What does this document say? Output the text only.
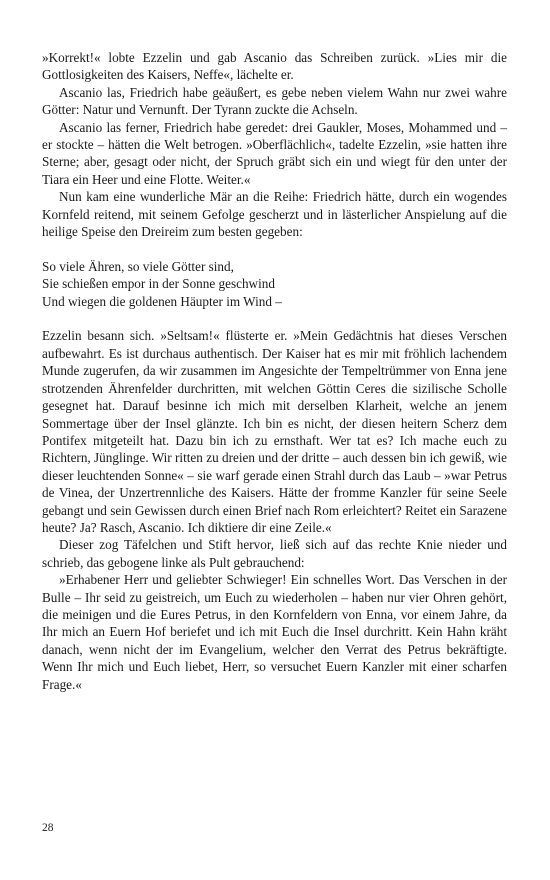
»Korrekt!« lobte Ezzelin und gab Ascanio das Schreiben zurück. »Lies mir die Gottlosigkeiten des Kaisers, Neffe«, lächelte er.

Ascanio las, Friedrich habe geäußert, es gebe neben vielem Wahn nur zwei wahre Götter: Natur und Vernunft. Der Tyrann zuckte die Achseln.

Ascanio las ferner, Friedrich habe geredet: drei Gaukler, Moses, Mohammed und – er stockte – hätten die Welt betrogen. »Oberflächlich«, tadelte Ezzelin, »sie hatten ihre Sterne; aber, gesagt oder nicht, der Spruch gräbt sich ein und wiegt für den unter der Tiara ein Heer und eine Flotte. Weiter.«

Nun kam eine wunderliche Mär an die Reihe: Friedrich hätte, durch ein wogendes Kornfeld reitend, mit seinem Gefolge gescherzt und in lästerlicher Anspielung auf die heilige Speise den Dreireim zum besten gegeben:

So viele Ähren, so viele Götter sind,
Sie schießen empor in der Sonne geschwind
Und wiegen die goldenen Häupter im Wind –

Ezzelin besann sich. »Seltsam!« flüsterte er. »Mein Gedächtnis hat dieses Verschen aufbewahrt. Es ist durchaus authentisch. Der Kaiser hat es mir mit fröhlich lachendem Munde zugerufen, da wir zusammen im Angesichte der Tempeltrümmer von Enna jene strotzenden Ährenfelder durchritten, mit welchen Göttin Ceres die sizilische Scholle gesegnet hat. Darauf besinne ich mich mit derselben Klarheit, welche an jenem Sommertage über der Insel glänzte. Ich bin es nicht, der diesen heitern Scherz dem Pontifex mitgeteilt hat. Dazu bin ich zu ernsthaft. Wer tat es? Ich mache euch zu Richtern, Jünglinge. Wir ritten zu dreien und der dritte – auch dessen bin ich gewiß, wie dieser leuchtenden Sonne« – sie warf gerade einen Strahl durch das Laub – »war Petrus de Vinea, der Unzertrennliche des Kaisers. Hätte der fromme Kanzler für seine Seele gebangt und sein Gewissen durch einen Brief nach Rom erleichtert? Reitet ein Sarazene heute? Ja? Rasch, Ascanio. Ich diktiere dir eine Zeile.«

Dieser zog Täfelchen und Stift hervor, ließ sich auf das rechte Knie nieder und schrieb, das gebogene linke als Pult gebrauchend:

»Erhabener Herr und geliebter Schwieger! Ein schnelles Wort. Das Verschen in der Bulle – Ihr seid zu geistreich, um Euch zu wiederholen – haben nur vier Ohren gehört, die meinigen und die Eures Petrus, in den Kornfeldern von Enna, vor einem Jahre, da Ihr mich an Euern Hof beriefet und ich mit Euch die Insel durchritt. Kein Hahn kräht danach, wenn nicht der im Evangelium, welcher den Verrat des Petrus bekräftigte. Wenn Ihr mich und Euch liebet, Herr, so versuchet Euern Kanzler mit einer scharfen Frage.«

28
